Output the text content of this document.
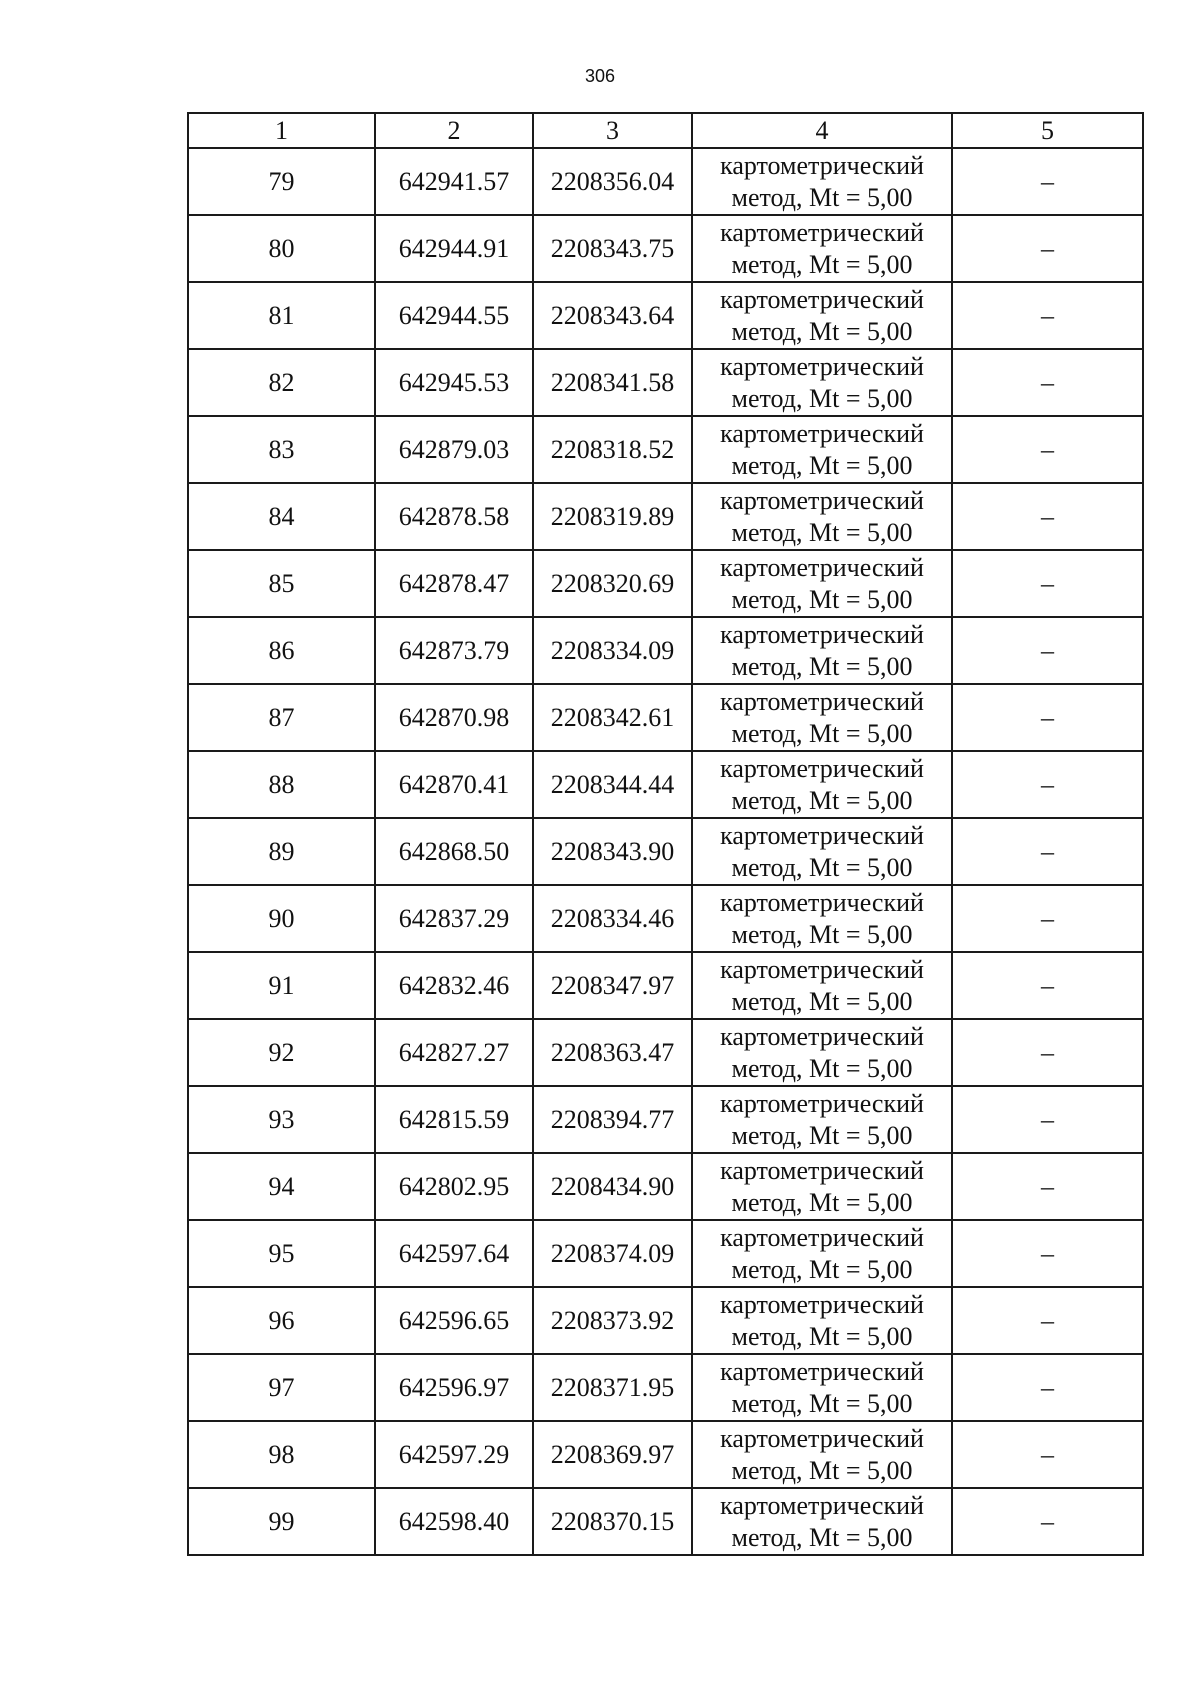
306
1	2	3	4	5
79	642941.57	2208356.04	картометрический
метод, Mt = 5,00	–
80	642944.91	2208343.75	картометрический
метод, Mt = 5,00	–
81	642944.55	2208343.64	картометрический
метод, Mt = 5,00	–
82	642945.53	2208341.58	картометрический
метод, Mt = 5,00	–
83	642879.03	2208318.52	картометрический
метод, Mt = 5,00	–
84	642878.58	2208319.89	картометрический
метод, Mt = 5,00	–
85	642878.47	2208320.69	картометрический
метод, Mt = 5,00	–
86	642873.79	2208334.09	картометрический
метод, Mt = 5,00	–
87	642870.98	2208342.61	картометрический
метод, Mt = 5,00	–
88	642870.41	2208344.44	картометрический
метод, Mt = 5,00	–
89	642868.50	2208343.90	картометрический
метод, Mt = 5,00	–
90	642837.29	2208334.46	картометрический
метод, Mt = 5,00	–
91	642832.46	2208347.97	картометрический
метод, Mt = 5,00	–
92	642827.27	2208363.47	картометрический
метод, Mt = 5,00	–
93	642815.59	2208394.77	картометрический
метод, Mt = 5,00	–
94	642802.95	2208434.90	картометрический
метод, Mt = 5,00	–
95	642597.64	2208374.09	картометрический
метод, Mt = 5,00	–
96	642596.65	2208373.92	картометрический
метод, Mt = 5,00	–
97	642596.97	2208371.95	картометрический
метод, Mt = 5,00	–
98	642597.29	2208369.97	картометрический
метод, Mt = 5,00	–
99	642598.40	2208370.15	картометрический
метод, Mt = 5,00	–
